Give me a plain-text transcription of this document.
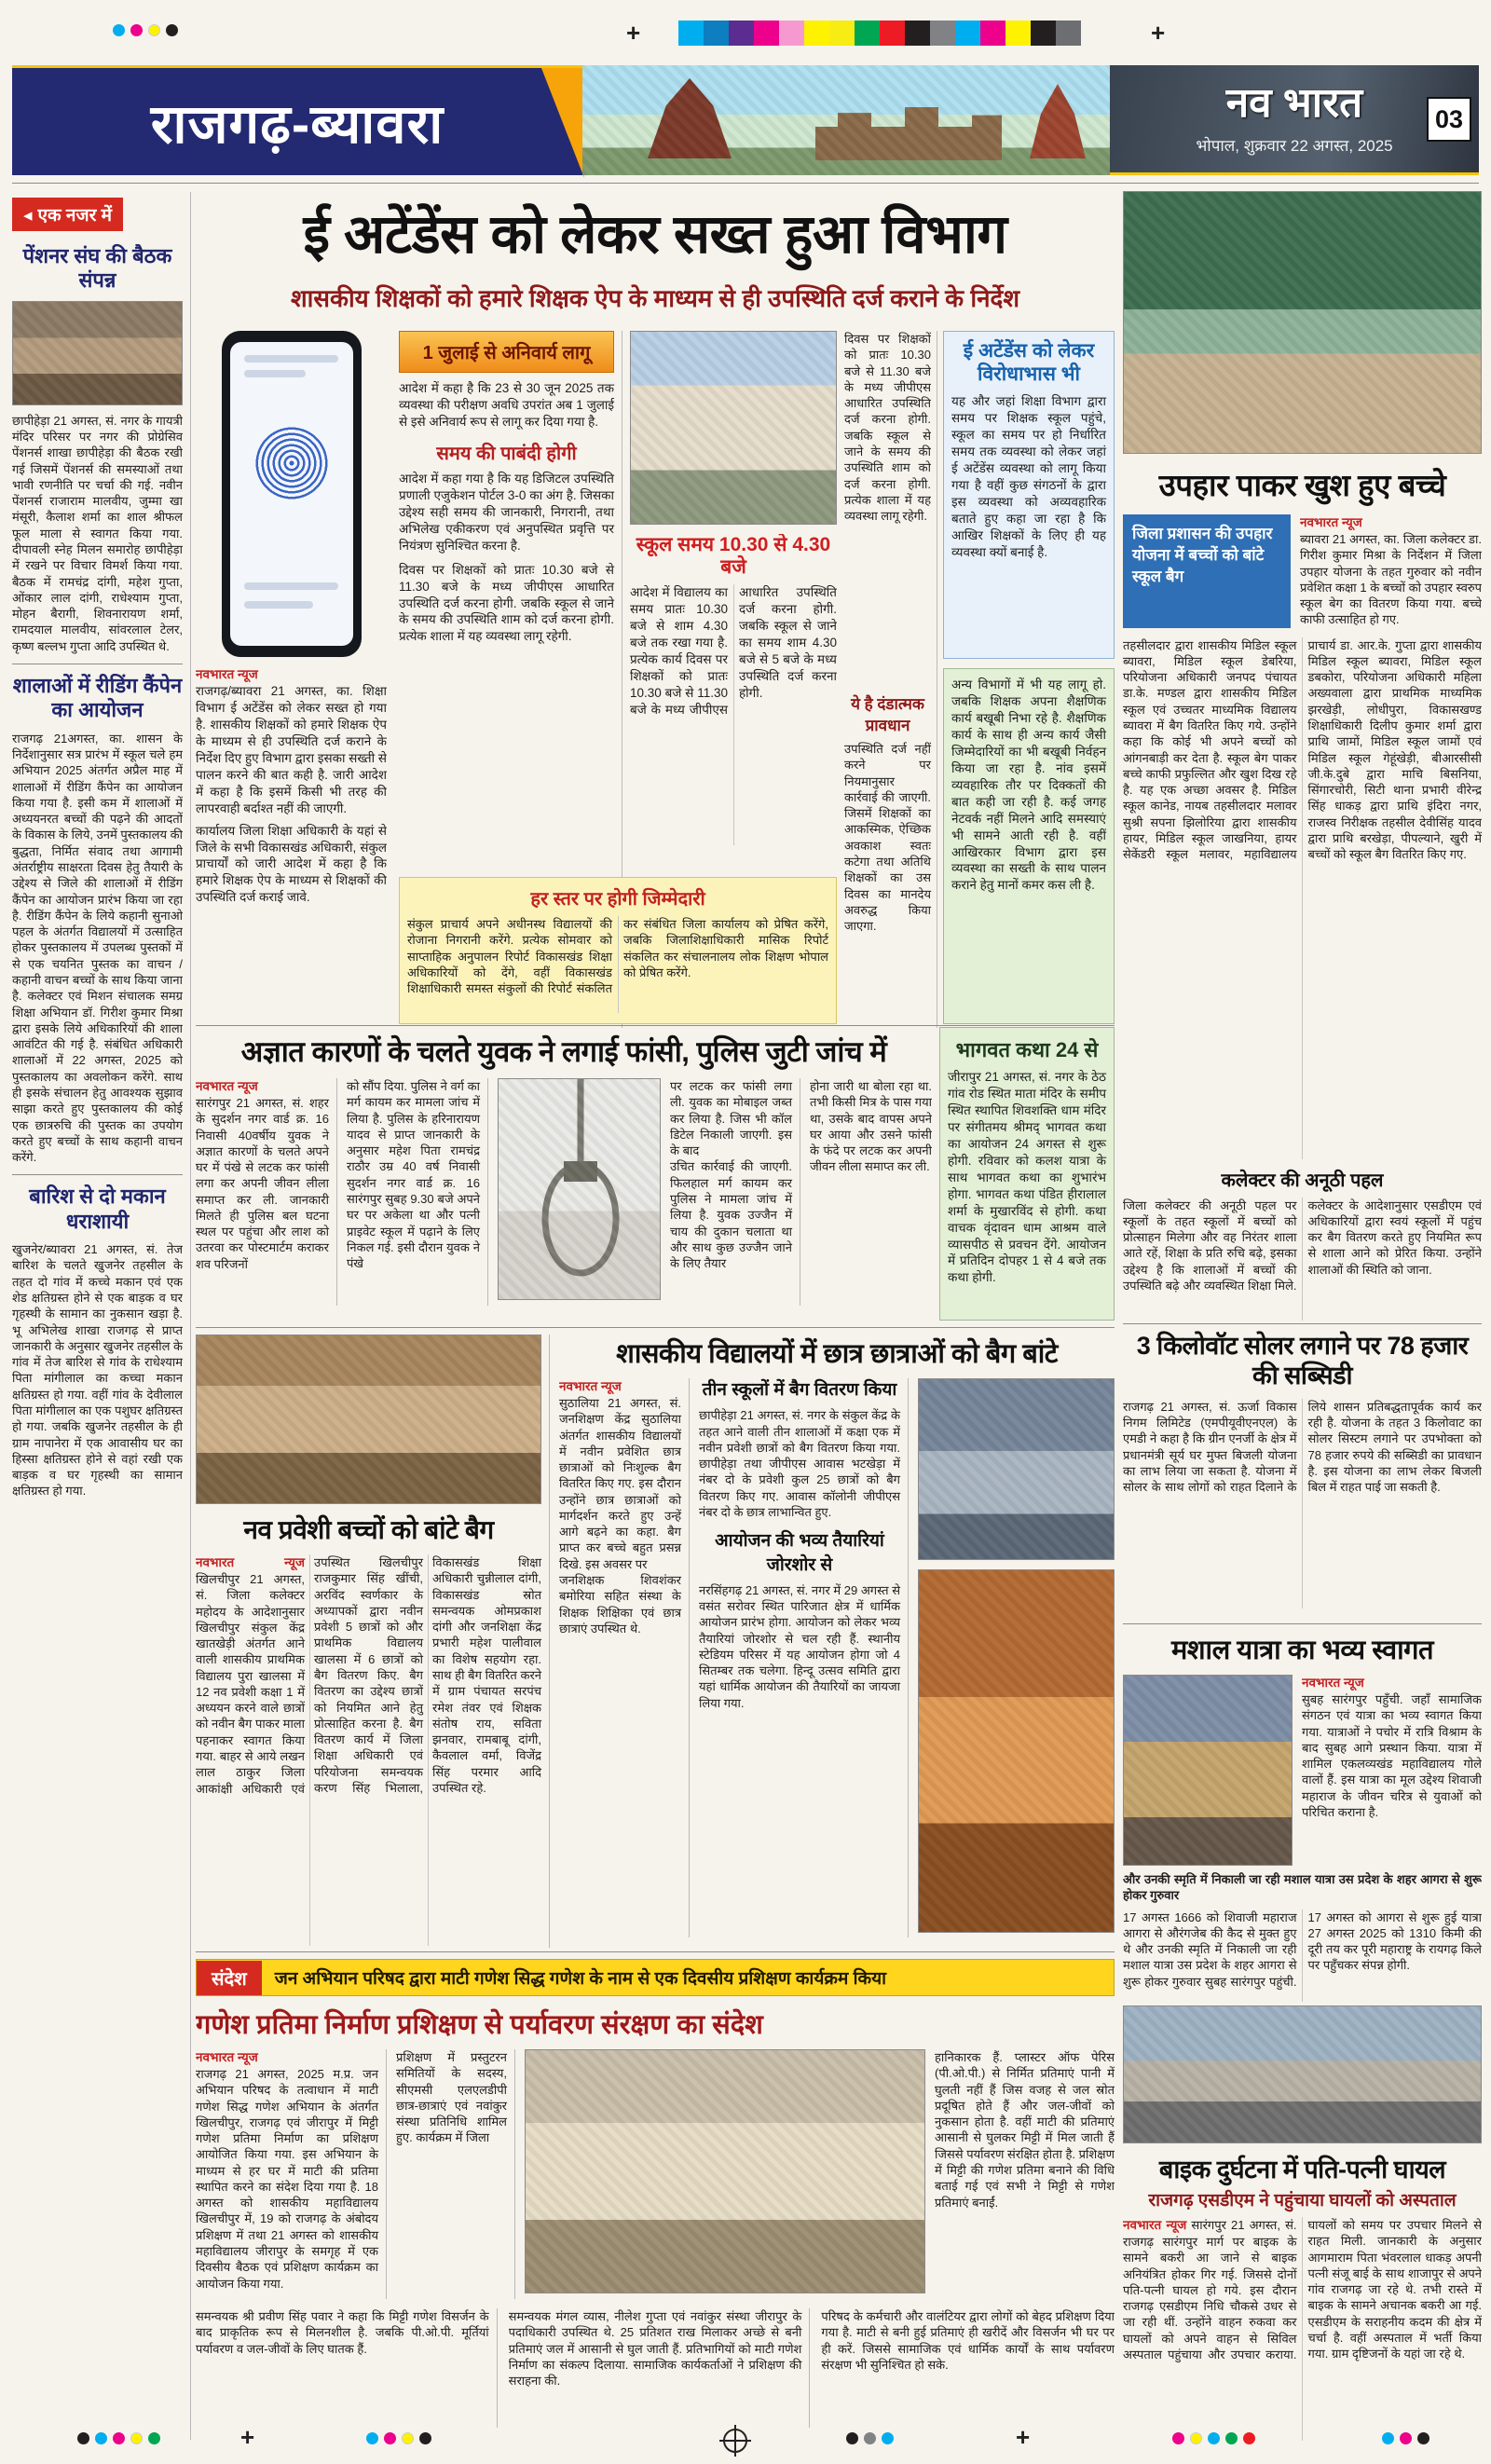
+	+
राजगढ़-ब्यावरा	नव भारत
भोपाल, शुक्रवार 22 अगस्त, 2025
03
◂ एक नजर में
पेंशनर संघ की बैठक संपन्न
छापीहेड़ा 21 अगस्त, सं. नगर के गायत्री मंदिर परिसर पर नगर की प्रोग्रेसिव पेंशनर्स शाखा छापीहेड़ा की बैठक रखी गई जिसमें पेंशनर्स की समस्याओं तथा भावी रणनीति पर चर्चा की गई. नवीन पेंशनर्स राजाराम मालवीय, जुम्मा खा मंसूरी, कैलाश शर्मा का शाल श्रीफल फूल माला से स्वागत किया गया. दीपावली स्नेह मिलन समारोह छापीहेड़ा में रखने पर विचार विमर्श किया गया. बैठक में रामचंद्र दांगी, महेश गुप्ता, ओंकार लाल दांगी, राधेश्याम गुप्ता, मोहन बैरागी, शिवनारायण शर्मा, रामदयाल मालवीय, सांवरलाल टेलर, कृष्ण बल्लभ गुप्ता आदि उपस्थित थे.
शालाओं में रीडिंग कैंपेन का आयोजन
राजगढ़ 21अगस्त, का. शासन के निर्देशानुसार सत्र प्रारंभ में स्कूल चले हम अभियान 2025 अंतर्गत अप्रैल माह में शालाओं में रीडिंग कैंपेन का आयोजन किया गया है. इसी कम में शालाओं में अध्ययनरत बच्चों की पढ़ने की आदतों के विकास के लिये, उनमें पुस्तकालय की बुद्धता, निर्मित संवाद तथा आगामी अंतर्राष्ट्रीय साक्षरता दिवस हेतु तैयारी के उद्देश्य से जिले की शालाओं में रीडिंग कैंपेन का आयोजन प्रारंभ किया जा रहा है. रीडिंग कैंपेन के लिये कहानी सुनाओ पहल के अंतर्गत विद्यालयों में उत्साहित होकर पुस्तकालय में उपलब्ध पुस्तकों में से एक चयनित पुस्तक का वाचन / कहानी वाचन बच्चों के साथ किया जाना है. कलेक्टर एवं मिशन संचालक समग्र शिक्षा अभियान डॉ. गिरीश कुमार मिश्रा द्वारा इसके लिये अधिकारियों की शाला आवंटित की गई है. संबंधित अधिकारी शालाओं में 22 अगस्त, 2025 को पुस्तकालय का अवलोकन करेंगे. साथ ही इसके संचालन हेतु आवश्यक सुझाव साझा करते हुए पुस्तकालय की कोई एक छात्ररुचि की पुस्तक का उपयोग करते हुए बच्चों के साथ कहानी वाचन करेंगे.
बारिश से दो मकान धराशायी
खुजनेर/ब्यावरा 21 अगस्त, सं. तेज बारिश के चलते खुजनेर तहसील के तहत दो गांव में कच्चे मकान एवं एक शेड क्षतिग्रस्त होने से एक बाड़क व घर गृहस्थी के सामान का नुकसान खड़ा है. भू अभिलेख शाखा राजगढ़ से प्राप्त जानकारी के अनुसार खुजनेर तहसील के गांव में तेज बारिश से गांव के राधेश्याम पिता मांगीलाल का कच्चा मकान क्षतिग्रस्त हो गया. वहीं गांव के देवीलाल पिता मांगीलाल का एक पशुघर क्षतिग्रस्त हो गया. जबकि खुजनेर तहसील के ही ग्राम नापानेरा में एक आवासीय घर का हिस्सा क्षतिग्रस्त होने से वहां रखी एक बाड़क व घर गृहस्थी का सामान क्षतिग्रस्त हो गया.
ई अटेंडेंस को लेकर सख्त हुआ विभाग
शासकीय शिक्षकों को हमारे शिक्षक ऐप के माध्यम से ही उपस्थिति दर्ज कराने के निर्देश
नवभारत न्यूज
राजगढ़/ब्यावरा 21 अगस्त, का. शिक्षा विभाग ई अटेंडेंस को लेकर सख्त हो गया है. शासकीय शिक्षकों को हमारे शिक्षक ऐप के माध्यम से ही उपस्थिति दर्ज कराने के निर्देश दिए हुए विभाग द्वारा इसका सख्ती से पालन करने की बात कही है. जारी आदेश में कहा है कि इसमें किसी भी तरह की लापरवाही बर्दाश्त नहीं की जाएगी.
कार्यालय जिला शिक्षा अधिकारी के यहां से जिले के सभी विकासखंड अधिकारी, संकुल प्राचार्यों को जारी आदेश में कहा है कि हमारे शिक्षक ऐप के माध्यम से शिक्षकों की उपस्थिति दर्ज कराई जावे.
1 जुलाई से अनिवार्य लागू
आदेश में कहा है कि 23 से 30 जून 2025 तक व्यवस्था की परीक्षण अवधि उपरांत अब 1 जुलाई से इसे अनिवार्य रूप से लागू कर दिया गया है.
समय की पाबंदी होगी
आदेश में कहा गया है कि यह डिजिटल उपस्थिति प्रणाली एजुकेशन पोर्टल 3-0 का अंग है. जिसका उद्देश्य सही समय की जानकारी, निगरानी, तथा अभिलेख एकीकरण एवं अनुपस्थित प्रवृत्ति पर नियंत्रण सुनिश्चित करना है.
दिवस पर शिक्षकों को प्रातः 10.30 बजे से 11.30 बजे के मध्य जीपीएस आधारित उपस्थिति दर्ज करना होगी. जबकि स्कूल से जाने के समय की उपस्थिति शाम को दर्ज करना होगी. प्रत्येक शाला में यह व्यवस्था लागू रहेगी.
स्कूल समय 10.30 से 4.30 बजे
आदेश में विद्यालय का समय प्रातः 10.30 बजे से शाम 4.30 बजे तक रखा गया है. प्रत्येक कार्य दिवस पर शिक्षकों को प्रातः 10.30 बजे से 11.30 बजे के मध्य जीपीएस आधारित उपस्थिति दर्ज करना होगी. जबकि स्कूल से जाने का समय शाम 4.30 बजे से 5 बजे के मध्य उपस्थिति दर्ज करना होगी.
दिवस पर शिक्षकों को प्रातः 10.30 बजे से 11.30 बजे के मध्य जीपीएस आधारित उपस्थिति दर्ज करना होगी. जबकि स्कूल से जाने के समय की उपस्थिति शाम को दर्ज करना होगी. प्रत्येक शाला में यह व्यवस्था लागू रहेगी.
ये है दंडात्मक प्रावधान
उपस्थिति दर्ज नहीं करने पर नियमानुसार कार्रवाई की जाएगी. जिसमें शिक्षकों का आकस्मिक, ऐच्छिक अवकाश स्वतः कटेगा तथा अतिथि शिक्षकों का उस दिवस का मानदेय अवरुद्ध किया जाएगा.
ई अटेंडेंस को लेकर विरोधाभास भी
यह और जहां शिक्षा विभाग द्वारा समय पर शिक्षक स्कूल पहुंचे, स्कूल का समय पर हो निर्धारित समय तक व्यवस्था को लेकर जहां ई अटेंडेंस व्यवस्था को लागू किया गया है वहीं कुछ संगठनों के द्वारा इस व्यवस्था को अव्यवहारिक बताते हुए कहा जा रहा है कि आखिर शिक्षकों के लिए ही यह व्यवस्था क्यों बनाई है.
अन्य विभागों में भी यह लागू हो. जबकि शिक्षक अपना शैक्षणिक कार्य बखूबी निभा रहे है. शैक्षणिक कार्य के साथ ही अन्य कार्य जैसी जिम्मेदारियों का भी बखूबी निर्वहन किया जा रहा है. नांव इसमें व्यवहारिक तौर पर दिक्कतों की बात कही जा रही है. कई जगह नेटवर्क नहीं मिलने आदि समस्याएं भी सामने आती रही है. वहीं आखिरकार विभाग द्वारा इस व्यवस्था का सख्ती के साथ पालन कराने हेतु मानों कमर कस ली है.
हर स्तर पर होगी जिम्मेदारी
संकुल प्राचार्य अपने अधीनस्थ विद्यालयों की रोजाना निगरानी करेंगे. प्रत्येक सोमवार को साप्ताहिक अनुपालन रिपोर्ट विकासखंड शिक्षा अधिकारियों को देंगे, वहीं विकासखंड शिक्षाधिकारी समस्त संकुलों की रिपोर्ट संकलित कर संबंधित जिला कार्यालय को प्रेषित करेंगे, जबकि जिलाशिक्षाधिकारी मासिक रिपोर्ट संकलित कर संचालनालय लोक शिक्षण भोपाल को प्रेषित करेंगे.
अज्ञात कारणों के चलते युवक ने लगाई फांसी, पुलिस जुटी जांच में
नवभारत न्यूज
सारंगपुर 21 अगस्त, सं. शहर के सुदर्शन नगर वार्ड क्र. 16 निवासी 40वर्षीय युवक ने अज्ञात कारणों के चलते अपने घर में पंखे से लटक कर फांसी लगा कर अपनी जीवन लीला समाप्त कर ली. जानकारी मिलते ही पुलिस बल घटना स्थल पर पहुंचा और लाश को उतरवा कर पोस्टमार्टम कराकर शव परिजनों
को सौंप दिया. पुलिस ने वर्ग का मर्ग कायम कर मामला जांच में लिया है. पुलिस के हरिनारायण यादव से प्राप्त जानकारी के अनुसार महेश पिता रामचंद्र राठौर उम्र 40 वर्ष निवासी सुदर्शन नगर वार्ड क्र. 16 सारंगपुर सुबह 9.30 बजे अपने घर पर अकेला था और पत्नी प्राइवेट स्कूल में पढ़ाने के लिए निकल गई. इसी दौरान युवक ने पंखे
पर लटक कर फांसी लगा ली. युवक का मोबाइल जब्त कर लिया है. जिस भी कॉल डिटेल निकाली जाएगी. इस के बाद
उचित कार्रवाई की जाएगी. फिलहाल मर्ग कायम कर पुलिस ने मामला जांच में लिया है. युवक उज्जैन में चाय की दुकान चलाता था और साथ कुछ उज्जैन जाने के लिए तैयार
होना जारी था बोला रहा था. तभी किसी मित्र के पास गया था, उसके बाद वापस अपने घर आया और उसने फांसी के फंदे पर लटक कर अपनी जीवन लीला समाप्त कर ली.
भागवत कथा 24 से
जीरापुर 21 अगस्त, सं. नगर के ठेठ गांव रोड स्थित माता मंदिर के समीप स्थित स्थापित शिवशक्ति धाम मंदिर पर संगीतमय श्रीमद् भागवत कथा का आयोजन 24 अगस्त से शुरू होगी. रविवार को कलश यात्रा के साथ भागवत कथा का शुभारंभ होगा. भागवत कथा पंडित हीरालाल शर्मा के मुखारविंद से होगी. कथा वाचक वृंदावन धाम आश्रम वाले व्यासपीठ से प्रवचन देंगे. आयोजन में प्रतिदिन दोपहर 1 से 4 बजे तक कथा होगी.
नव प्रवेशी बच्चों को बांटे बैग
नवभारत न्यूज खिलचीपुर 21 अगस्त, सं. जिला कलेक्टर महोदय के आदेशानुसार खिलचीपुर संकुल केंद्र खातखेड़ी अंतर्गत आने वाली शासकीय प्राथमिक विद्यालय पुरा खालसा में 12 नव प्रवेशी कक्षा 1 में अध्ययन करने वाले छात्रों को नवीन बैग पाकर माला पहनाकर स्वागत किया गया. बाहर से आये लखन लाल ठाकुर जिला आकांक्षी अधिकारी एवं उपस्थित खिलचीपुर राजकुमार सिंह खींची, अरविंद स्वर्णकार के अध्यापकों द्वारा नवीन प्रवेशी 5 छात्रों को और प्राथमिक विद्यालय खालसा में 6 छात्रों को बैग वितरण किए. बैग वितरण का उद्देश्य छात्रों को नियमित आने हेतु प्रोत्साहित करना है. बैग वितरण कार्य में जिला शिक्षा अधिकारी एवं परियोजना समन्वयक करण सिंह भिलाला, विकासखंड शिक्षा अधिकारी चुन्नीलाल दांगी, विकासखंड स्रोत समन्वयक ओमप्रकाश दांगी और जनशिक्षा केंद्र प्रभारी महेश पालीवाल का विशेष सहयोग रहा. साथ ही बैग वितरित करने में ग्राम पंचायत सरपंच रमेश तंवर एवं शिक्षक संतोष राय, सविता झनवार, रामबाबू दांगी, कैवलाल वर्मा, विजेंद्र सिंह परमार आदि उपस्थित रहे.
शासकीय विद्यालयों में छात्र छात्राओं को बैग बांटे
नवभारत न्यूज
सुठालिया 21 अगस्त, सं. जनशिक्षण केंद्र सुठालिया अंतर्गत शासकीय विद्यालयों में नवीन प्रवेशित छात्र छात्राओं को निःशुल्क बैग वितरित किए गए. इस दौरान उन्होंने छात्र छात्राओं को मार्गदर्शन करते हुए उन्हें आगे बढ़ने का कहा. बैग प्राप्त कर बच्चे बहुत प्रसन्न दिखे. इस अवसर पर
जनशिक्षक शिवशंकर बमोरिया सहित संस्था के शिक्षक शिक्षिका एवं छात्र छात्राएं उपस्थित थे.
तीन स्कूलों में बैग वितरण किया
छापीहेड़ा 21 अगस्त, सं. नगर के संकुल केंद्र के तहत आने वाली तीन शालाओं में कक्षा एक में नवीन प्रवेशी छात्रों को बैग वितरण किया गया. छापीहेड़ा तथा जीपीएस आवास भटखेड़ा में नंबर दो के प्रवेशी कुल 25 छात्रों को बैग वितरण किए गए. आवास कॉलोनी जीपीएस नंबर दो के छात्र लाभान्वित हुए.
आयोजन की भव्य तैयारियां जोरशोर से
नरसिंहगढ़ 21 अगस्त, सं. नगर में 29 अगस्त से वसंत सरोवर स्थित पारिजात क्षेत्र में धार्मिक आयोजन प्रारंभ होगा. आयोजन को लेकर भव्य तैयारियां जोरशोर से चल रही हैं. स्थानीय स्टेडियम परिसर में यह आयोजन होगा जो 4 सितम्बर तक चलेगा. हिन्दू उत्सव समिति द्वारा यहां धार्मिक आयोजन की तैयारियों का जायजा लिया गया.
उपहार पाकर खुश हुए बच्चे
जिला प्रशासन की उपहार योजना में बच्चों को बांटे स्कूल बैग
नवभारत न्यूज
ब्यावरा 21 अगस्त, का. जिला कलेक्टर डा. गिरीश कुमार मिश्रा के निर्देशन में जिला उपहार योजना के तहत गुरुवार को नवीन प्रवेशित कक्षा 1 के बच्चों को उपहार स्वरुप स्कूल बेग का वितरण किया गया. बच्चे काफी उत्साहित हो गए.
तहसीलदार द्वारा शासकीय मिडिल स्कूल ब्यावरा, मिडिल स्कूल डेबरिया, परियोजना अधिकारी जनपद पंचायत डा.के. मण्डल द्वारा शासकीय मिडिल स्कूल एवं उच्चतर माध्यमिक विद्यालय ब्यावरा में बैग वितरित किए गये. उन्होंने कहा कि कोई भी अपने बच्चों को आंगनबाड़ी कर देता है. स्कूल बेग पाकर बच्चे काफी प्रफुल्लित और खुश दिख रहे है. यह एक अच्छा अवसर है. मिडिल स्कूल कानेड, नायब तहसीलदार मलावर सुश्री सपना झिलोरिया द्वारा शासकीय हायर, मिडिल स्कूल जाखनिया, हायर सेकेंडरी स्कूल मलावर, महाविद्यालय प्राचार्य डा. आर.के. गुप्ता द्वारा शासकीय मिडिल स्कूल ब्यावरा, मिडिल स्कूल डबकोरा, परियोजना अधिकारी महिला अख्यवाला द्वारा प्राथमिक माध्यमिक झरखेड़ी, लोधीपुरा, विकासखण्ड शिक्षाधिकारी दिलीप कुमार शर्मा द्वारा प्राथि जामों, मिडिल स्कूल जामों एवं मिडिल स्कूल गेहूंखेड़ी, बीआरसीसी जी.के.दुबे द्वारा माचि बिसनिया, सिंगारचोरी, सिटी थाना प्रभारी वीरेन्द्र सिंह धाकड़ द्वारा प्राथि इंदिरा नगर, राजस्व निरीक्षक तहसील देवीसिंह यादव द्वारा प्राथि बरखेड़ा, पीपल्याने, खुरी में बच्चों को स्कूल बैग वितरित किए गए.
कलेक्टर की अनूठी पहल
जिला कलेक्टर की अनूठी पहल पर स्कूलों के तहत स्कूलों में बच्चों को प्रोत्साहन मिलेगा और वह निरंतर शाला आते रहें, शिक्षा के प्रति रुचि बढ़े, इसका उद्देश्य है कि शालाओं में बच्चों की उपस्थिति बढ़े और व्यवस्थित शिक्षा मिले. कलेक्टर के आदेशानुसार एसडीएम एवं अधिकारियों द्वारा स्वयं स्कूलों में पहुंच कर बैग वितरण करते हुए नियमित रूप से शाला आने को प्रेरित किया. उन्होंने शालाओं की स्थिति को जाना.
3 किलोवॉट सोलर लगाने पर 78 हजार की सब्सिडी
राजगढ़ 21 अगस्त, सं. ऊर्जा विकास निगम लिमिटेड (एमपीयूवीएनएल) के एमडी ने कहा है कि ग्रीन एनर्जी के क्षेत्र में प्रधानमंत्री सूर्य घर मुफ्त बिजली योजना का लाभ लिया जा सकता है. योजना में सोलर के साथ लोगों को राहत दिलाने के लिये शासन प्रतिबद्धतापूर्वक कार्य कर रही है. योजना के तहत 3 किलोवाट का सोलर सिस्टम लगाने पर उपभोक्ता को 78 हजार रुपये की सब्सिडी का प्रावधान है. इस योजना का लाभ लेकर बिजली बिल में राहत पाई जा सकती है.
मशाल यात्रा का भव्य स्वागत
नवभारत न्यूज
सुबह सारंगपुर पहुँची. जहाँ सामाजिक संगठन एवं यात्रा का भव्य स्वागत किया गया. यात्राओं ने पचोर में रात्रि विश्राम के बाद सुबह आगे प्रस्थान किया. यात्रा में शामिल एकलव्यखंड महाविद्यालय गोले वालों हैं. इस यात्रा का मूल उद्देश्य शिवाजी महाराज के जीवन चरित्र से युवाओं को परिचित कराना है.
और उनकी स्मृति में निकाली जा रही मशाल यात्रा उस प्रदेश के शहर आगरा से शुरू होकर गुरुवार
17 अगस्त 1666 को शिवाजी महाराज आगरा से औरंगजेब की कैद से मुक्त हुए थे और उनकी स्मृति में निकाली जा रही मशाल यात्रा उस प्रदेश के शहर आगरा से शुरू होकर गुरुवार सुबह सारंगपुर पहुंची. 17 अगस्त को आगरा से शुरू हुई यात्रा 27 अगस्त 2025 को 1310 किमी की दूरी तय कर पूरी महाराष्ट्र के रायगढ़ किले पर पहुँचकर संपन्न होगी.
बाइक दुर्घटना में पति-पत्नी घायल
राजगढ़ एसडीएम ने पहुंचाया घायलों को अस्पताल
नवभारत न्यूज सारंगपुर 21 अगस्त, सं. राजगढ़ सारंगपुर मार्ग पर बाइक के सामने बकरी आ जाने से बाइक अनियंत्रित होकर गिर गई. जिससे दोनों पति-पत्नी घायल हो गये. इस दौरान राजगढ़ एसडीएम निधि चौकसे उधर से जा रही थीं. उन्होंने वाहन रुकवा कर घायलों को अपने वाहन से सिविल अस्पताल पहुंचाया और उपचार कराया. घायलों को समय पर उपचार मिलने से राहत मिली. जानकारी के अनुसार आगमाराम पिता भंवरलाल धाकड़ अपनी पत्नी संजू बाई के साथ शाजापुर से अपने गांव राजगढ़ जा रहे थे. तभी रास्ते में बाइक के सामने अचानक बकरी आ गई. एसडीएम के सराहनीय कदम की क्षेत्र में चर्चा है. वहीं अस्पताल में भर्ती किया गया. ग्राम दृष्टिजनों के यहां जा रहे थे.
संदेश	जन अभियान परिषद द्वारा माटी गणेश सिद्ध गणेश के नाम से एक दिवसीय प्रशिक्षण कार्यक्रम किया
गणेश प्रतिमा निर्माण प्रशिक्षण से पर्यावरण संरक्षण का संदेश
नवभारत न्यूज
राजगढ़ 21 अगस्त, 2025 म.प्र. जन अभियान परिषद के तत्वाधान में माटी गणेश सिद्ध गणेश अभियान के अंतर्गत खिलचीपुर, राजगढ़ एवं जीरापुर में मिट्टी गणेश प्रतिमा निर्माण का प्रशिक्षण आयोजित किया गया. इस अभियान के माध्यम से हर घर में माटी की प्रतिमा स्थापित करने का संदेश दिया गया है. 18 अगस्त को शासकीय महाविद्यालय खिलचीपुर में, 19 को राजगढ़ के अंबोदय प्रशिक्षण में तथा 21 अगस्त को शासकीय महाविद्यालय जीरापुर के समगृह में एक दिवसीय बैठक एवं प्रशिक्षण कार्यक्रम का आयोजन किया गया.
प्रशिक्षण में प्रस्तुटरन समितियों के सदस्य, सीएमसी एलएलडीपी छात्र-छात्राएं एवं नवांकुर संस्था प्रतिनिधि शामिल हुए. कार्यक्रम में जिला
हानिकारक हैं. प्लास्टर ऑफ पेरिस (पी.ओ.पी.) से निर्मित प्रतिमाएं पानी में घुलती नहीं हैं जिस वजह से जल स्रोत प्रदूषित होते हैं और जल-जीवों को नुकसान होता है. वहीं माटी की प्रतिमाएं आसानी से घुलकर मिट्टी में मिल जाती हैं जिससे पर्यावरण संरक्षित होता है. प्रशिक्षण में मिट्टी की गणेश प्रतिमा बनाने की विधि बताई गई एवं सभी ने मिट्टी से गणेश प्रतिमाएं बनाईं.
समन्वयक श्री प्रवीण सिंह पवार ने कहा कि मिट्टी गणेश विसर्जन के बाद प्राकृतिक रूप से मिलनशील है. जबकि पी.ओ.पी. मूर्तियां पर्यावरण व जल-जीवों के लिए घातक हैं.
समन्वयक मंगल व्यास, नीलेश गुप्ता एवं नवांकुर संस्था जीरापुर के पदाधिकारी उपस्थित थे. 25 प्रतिशत राख मिलाकर अच्छे से बनी प्रतिमाएं जल में आसानी से घुल जाती हैं. प्रतिभागियों को माटी गणेश निर्माण का संकल्प दिलाया. सामाजिक कार्यकर्ताओं ने प्रशिक्षण की सराहना की.
परिषद के कर्मचारी और वालंटियर द्वारा लोगों को बेहद प्रशिक्षण दिया गया है. माटी से बनी हुई प्रतिमाएं ही खरीदें और विसर्जन भी घर पर ही करें. जिससे सामाजिक एवं धार्मिक कार्यों के साथ पर्यावरण संरक्षण भी सुनिश्चित हो सके.
+	+
